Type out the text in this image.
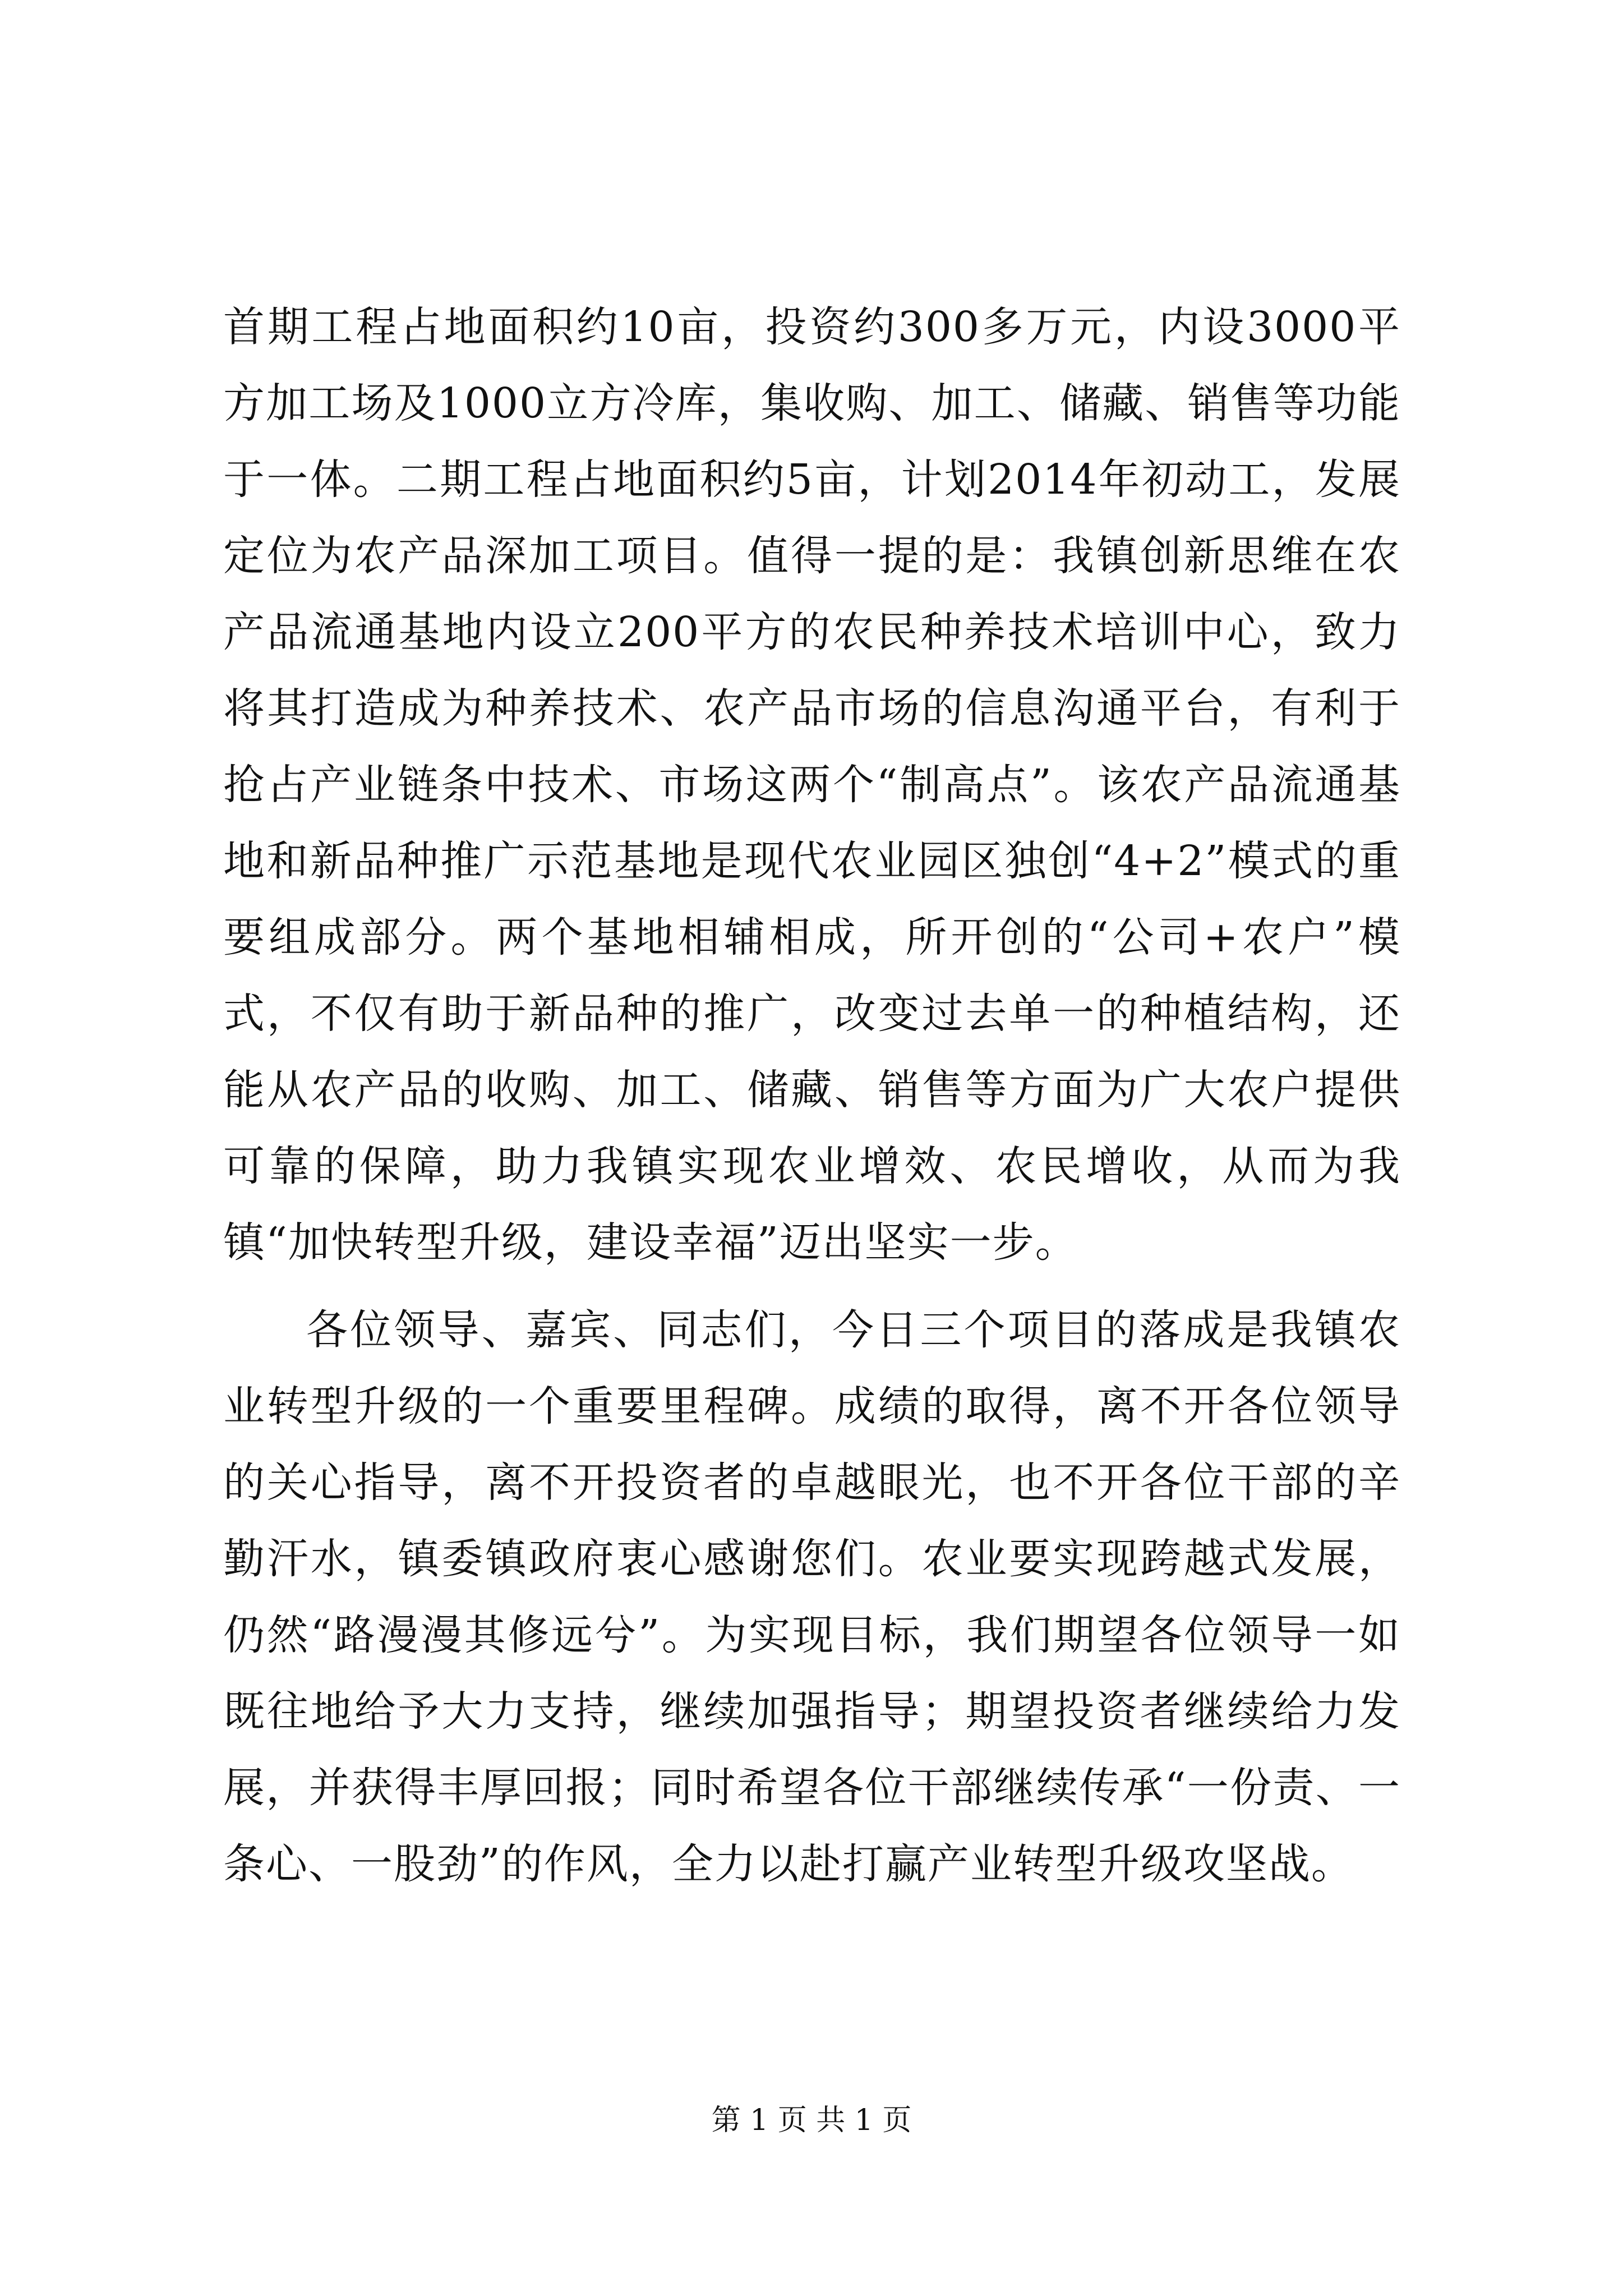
首期工程占地面积约10亩，投资约300多万元，内设3000平方加工场及1000立方冷库，集收购、加工、储藏、销售等功能于一体。二期工程占地面积约5亩，计划2014年初动工，发展定位为农产品深加工项目。值得一提的是：我镇创新思维在农产品流通基地内设立200平方的农民种养技术培训中心，致力将其打造成为种养技术、农产品市场的信息沟通平台，有利于抢占产业链条中技术、市场这两个“制高点”。该农产品流通基地和新品种推广示范基地是现代农业园区独创“4+2”模式的重要组成部分。两个基地相辅相成，所开创的“公司+农户”模式，不仅有助于新品种的推广，改变过去单一的种植结构，还能从农产品的收购、加工、储藏、销售等方面为广大农户提供可靠的保障，助力我镇实现农业增效、农民增收，从而为我镇“加快转型升级，建设幸福”迈出坚实一步。

各位领导、嘉宾、同志们，今日三个项目的落成是我镇农业转型升级的一个重要里程碑。成绩的取得，离不开各位领导的关心指导，离不开投资者的卓越眼光，也不开各位干部的辛勤汗水，镇委镇政府衷心感谢您们。农业要实现跨越式发展，仍然“路漫漫其修远兮”。为实现目标，我们期望各位领导一如既往地给予大力支持，继续加强指导；期望投资者继续给力发展，并获得丰厚回报；同时希望各位干部继续传承“一份责、一条心、一股劲”的作风，全力以赴打赢产业转型升级攻坚战。

第 1 页 共 1 页
